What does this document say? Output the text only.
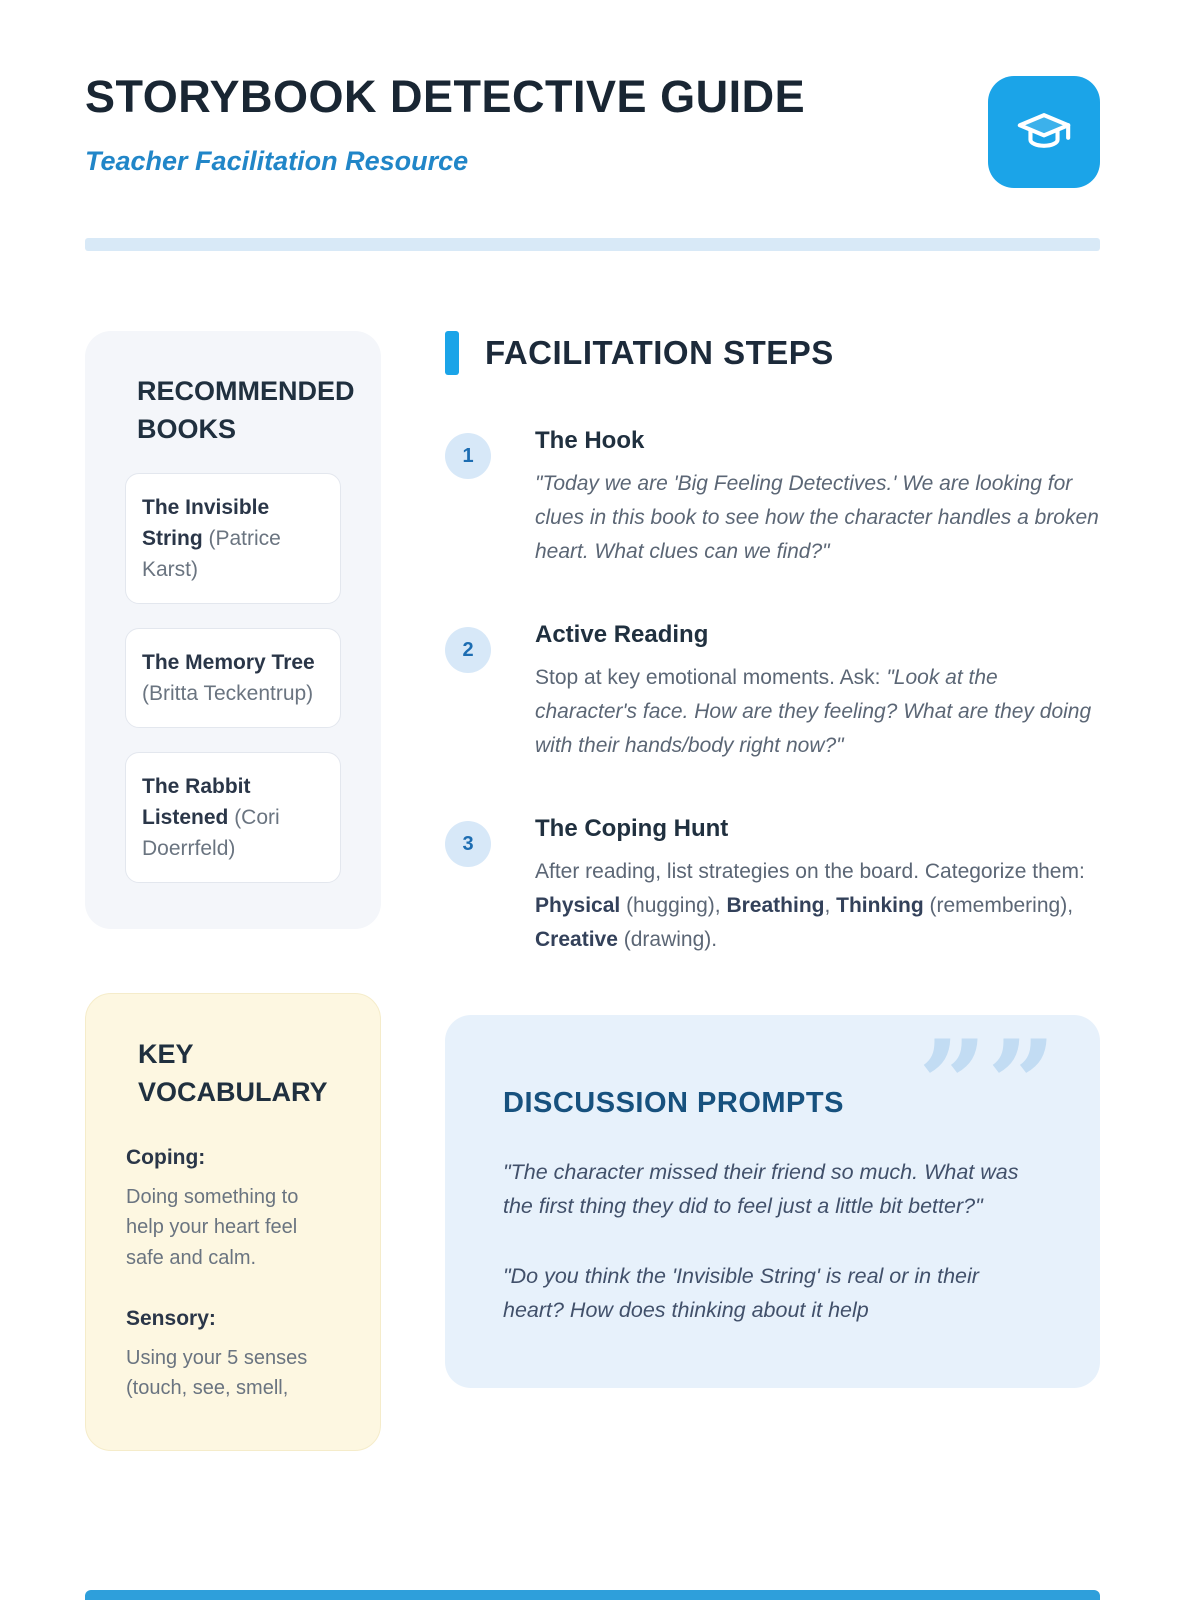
STORYBOOK DETECTIVE GUIDE
Teacher Facilitation Resource
RECOMMENDED BOOKS
The Invisible String (Patrice Karst)
The Memory Tree (Britta Teckentrup)
The Rabbit Listened (Cori Doerrfeld)
KEY VOCABULARY
Coping:
Doing something to help your heart feel safe and calm.
Sensory:
Using your 5 senses (touch, see, smell,
FACILITATION STEPS
1
The Hook
"Today we are 'Big Feeling Detectives.' We are looking for clues in this book to see how the character handles a broken heart. What clues can we find?"
2
Active Reading
Stop at key emotional moments. Ask: "Look at the character's face. How are they feeling? What are they doing with their hands/body right now?"
3
The Coping Hunt
After reading, list strategies on the board. Categorize them: Physical (hugging), Breathing, Thinking (remembering), Creative (drawing).
””
DISCUSSION PROMPTS
"The character missed their friend so much. What was the first thing they did to feel just a little bit better?"
"Do you think the 'Invisible String' is real or in their heart? How does thinking about it help
